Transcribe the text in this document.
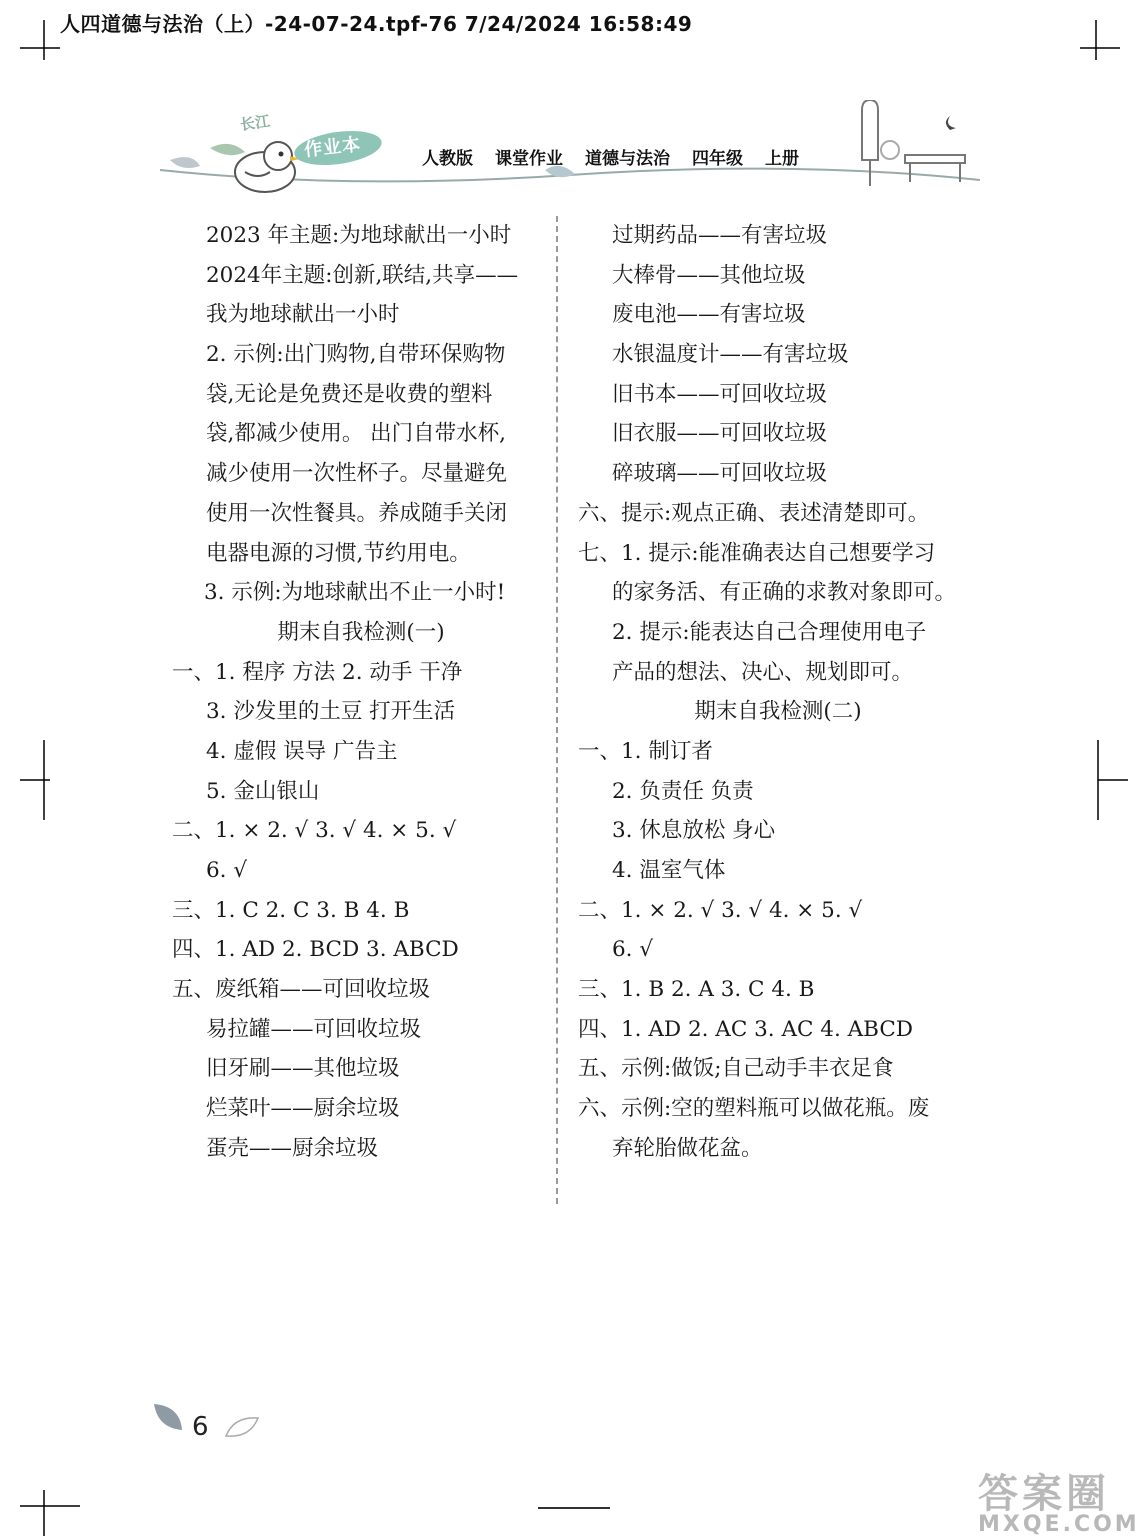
人四道德与法治（上）-24-07-24.tpf-76 7/24/2024 16:58:49
长江
作业本	人教版 课堂作业 道德与法治 四年级 上册
2023 年主题:为地球献出一小时
2024年主题:创新,联结,共享——
我为地球献出一小时
2. 示例:出门购物,自带环保购物
袋,无论是免费还是收费的塑料
袋,都减少使用。 出门自带水杯,
减少使用一次性杯子。尽量避免
使用一次性餐具。养成随手关闭
电器电源的习惯,节约用电。
3. 示例:为地球献出不止一小时!
期末自我检测(一)
一、1. 程序 方法 2. 动手 干净
3. 沙发里的土豆 打开生活
4. 虚假 误导 广告主
5. 金山银山
二、1. × 2. √ 3. √ 4. × 5. √
6. √
三、1. C 2. C 3. B 4. B
四、1. AD 2. BCD 3. ABCD
五、废纸箱——可回收垃圾
易拉罐——可回收垃圾
旧牙刷——其他垃圾
烂菜叶——厨余垃圾
蛋壳——厨余垃圾
过期药品——有害垃圾
大棒骨——其他垃圾
废电池——有害垃圾
水银温度计——有害垃圾
旧书本——可回收垃圾
旧衣服——可回收垃圾
碎玻璃——可回收垃圾
六、提示:观点正确、表述清楚即可。
七、1. 提示:能准确表达自己想要学习
的家务活、有正确的求教对象即可。
2. 提示:能表达自己合理使用电子
产品的想法、决心、规划即可。
期末自我检测(二)
一、1. 制订者
2. 负责任 负责
3. 休息放松 身心
4. 温室气体
二、1. × 2. √ 3. √ 4. × 5. √
6. √
三、1. B 2. A 3. C 4. B
四、1. AD 2. AC 3. AC 4. ABCD
五、示例:做饭;自己动手丰衣足食
六、示例:空的塑料瓶可以做花瓶。废
弃轮胎做花盆。
6
答案圈
MXQE.COM
